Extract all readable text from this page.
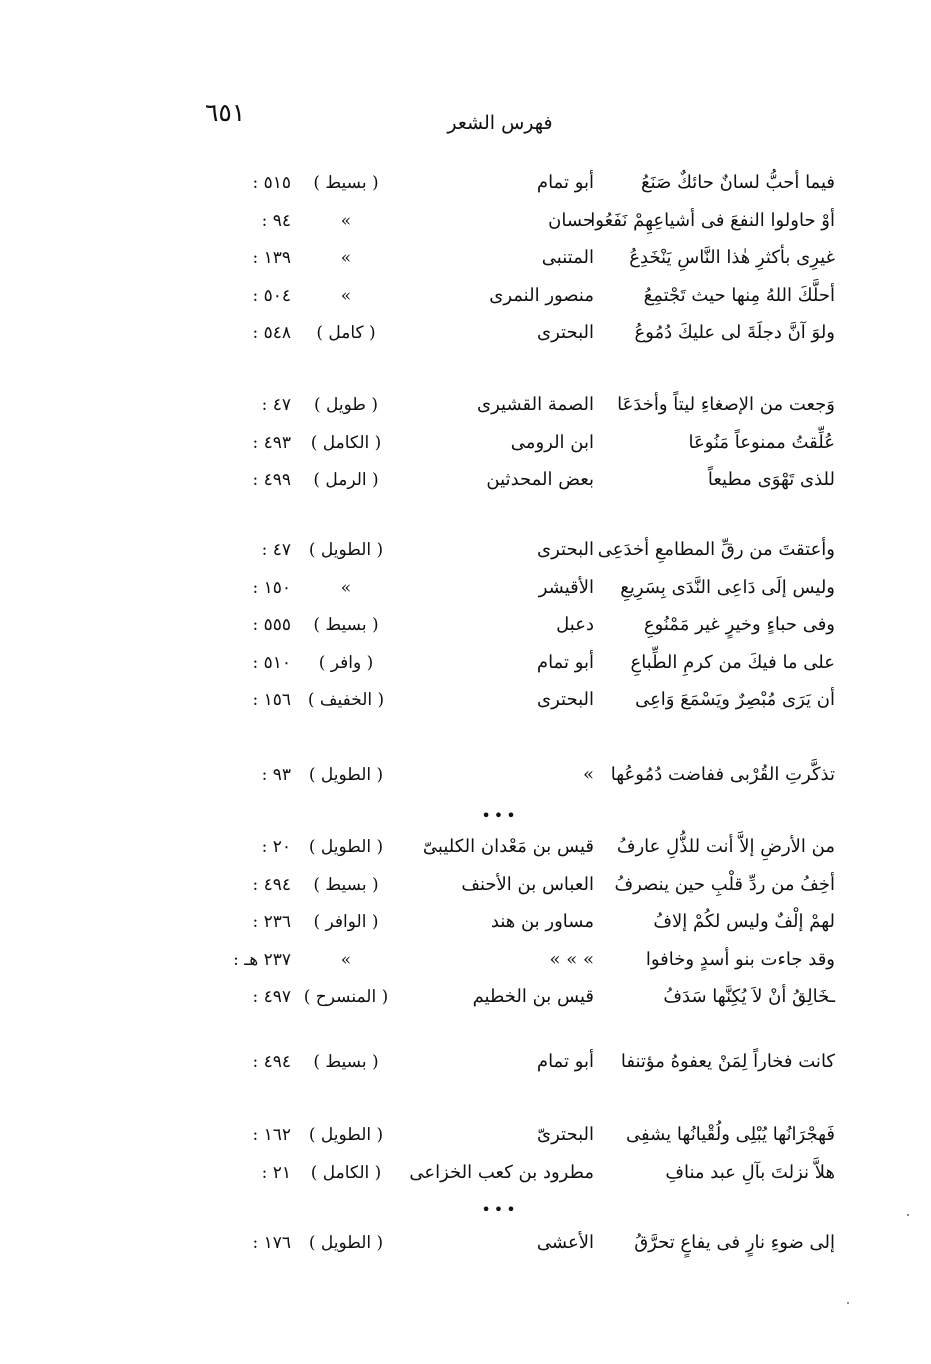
٦٥١	فهرس الشعر
فيما أحبُّ لسانٌ حائكٌ صَنَعُ
أبو تمام
( بسيط )
٥١٥ :
أوْ حاولوا النفعَ فى أشياعِهِمْ نَفَعُوا
حسان
»
٩٤ :
غيرِى بأكثرِ هٰذا النَّاسِ يَنْخَدِعُ
المتنبى
»
١٣٩ :
أحلَّكَ اللهُ مِنها حيث تَجْتمِعُ
منصور النمرى
»
٥٠٤ :
ولوَ آنَّ دجلَةَ لى عليكَ دُمُوعُ
البحترى
( كامل )
٥٤٨ :
وَجعت من الإصغاءِ ليتاً وأخدَعَا
الصمة القشيرى
( طويل )
٤٧ :
عُلِّقتُ ممنوعاً مَنُوعَا
ابن الرومى
( الكامل )
٤٩٣ :
للذى تَهْوَى مطيعاً
بعض المحدثين
( الرمل )
٤٩٩ :
وأعتقتَ من رقِّ المطامعِ أخدَعِى
البحترى
( الطويل )
٤٧ :
وليس إلَى دَاعِى النَّدَى بِسَرِيعِ
الأقيشر
»
١٥٠ :
وفى حباءٍ وخيرٍ غير مَمْنُوعِ
دعبل
( بسيط )
٥٥٥ :
على ما فيكَ من كرمِ الطِّباعِ
أبو تمام
( وافر )
٥١٠ :
أن يَرَى مُبْصِرٌ ويَسْمَعَ وَاعِى
البحترى
( الخفيف )
١٥٦ :
تذكَّرتِ القُرْبى ففاضت دُمُوعُها
»
( الطويل )
٩٣ :
من الأرضِ إلاَّ أنت للذُّلِ عارفُ
قيس بن مَعْدان الكليبىّ
( الطويل )
٢٠ :
أخِفُ من ردِّ قلْبِ حين ينصرفُ
العباس بن الأحنف
( بسيط )
٤٩٤ :
لهمْ إلْفٌ وليس لكُمْ إلافُ
مساور بن هند
( الوافر )
٢٣٦ :
وقد جاءت بنو أسدٍ وخافوا
» » »
»
٢٣٧ هـ :
ـخَالِقُ أنْ لاَ يُكِنَّها سَدَفُ
قيس بن الخطيم
( المنسرح )
٤٩٧ :
كانت فخاراً لِمَنْ يعفوهُ مؤتنفا
أبو تمام
( بسيط )
٤٩٤ :
فَهجْرَانُها يُبْلِى ولُقْيانُها يشفِى
البحترىّ
( الطويل )
١٦٢ :
هلاَّ نزلتَ بآلِ عبد منافِ
مطرود بن كعب الخزاعى
( الكامل )
٢١ :
إلى ضوءِ نارٍ فى يفاعٍ تحرَّقُ
الأعشى
( الطويل )
١٧٦ :
•••
•••
